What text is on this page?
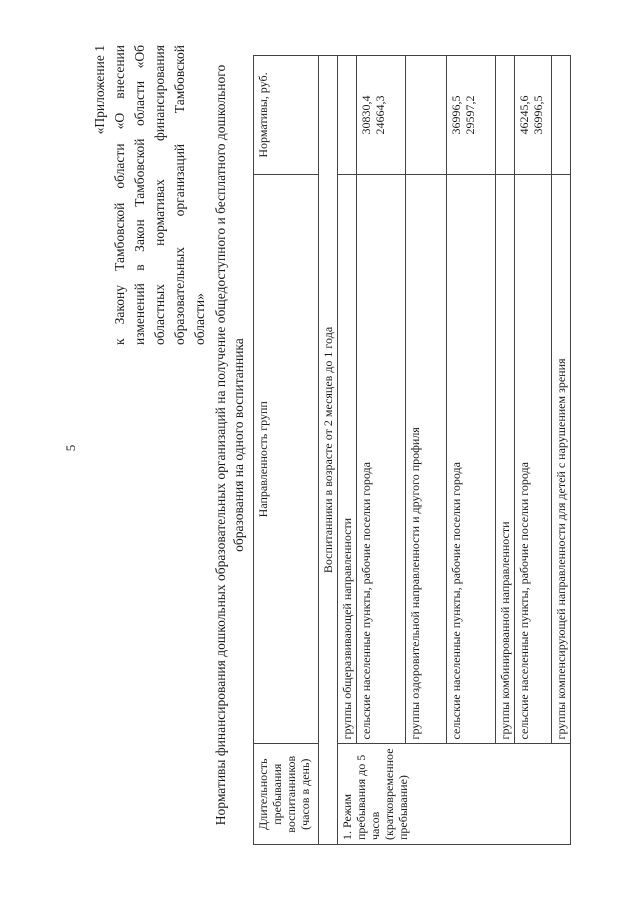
5
«Приложение 1 к Закону Тамбовской области «О внесении изменений в Закон Тамбовской области «Об областных нормативах финансирования образовательных организаций Тамбовской области» Нормативы финансирования дошкольных образовательных организаций на получение общедоступного и бесплатного дошкольного образования на одного воспитанника
Длительность пребывания воспитанников (часов в день)	Направленность групп	Нормативы, руб.
Воспитанники в возрасте от 2 месяцев до 1 года		
1. Режим пребывания до 5 часов (кратковременное пребывание)	группы общеразвивающей направленности	
	сельские населенные пункты, рабочие поселки города	30830,4
24664,3
	группы оздоровительной направленности и другого профиля	
	сельские населенные пункты, рабочие поселки города	36996,5
29597,2
	группы комбинированной направленности	
	сельские населенные пункты, рабочие поселки города	46245,6
36996,5
	группы компенсирующей направленности для детей с нарушением зрения	
